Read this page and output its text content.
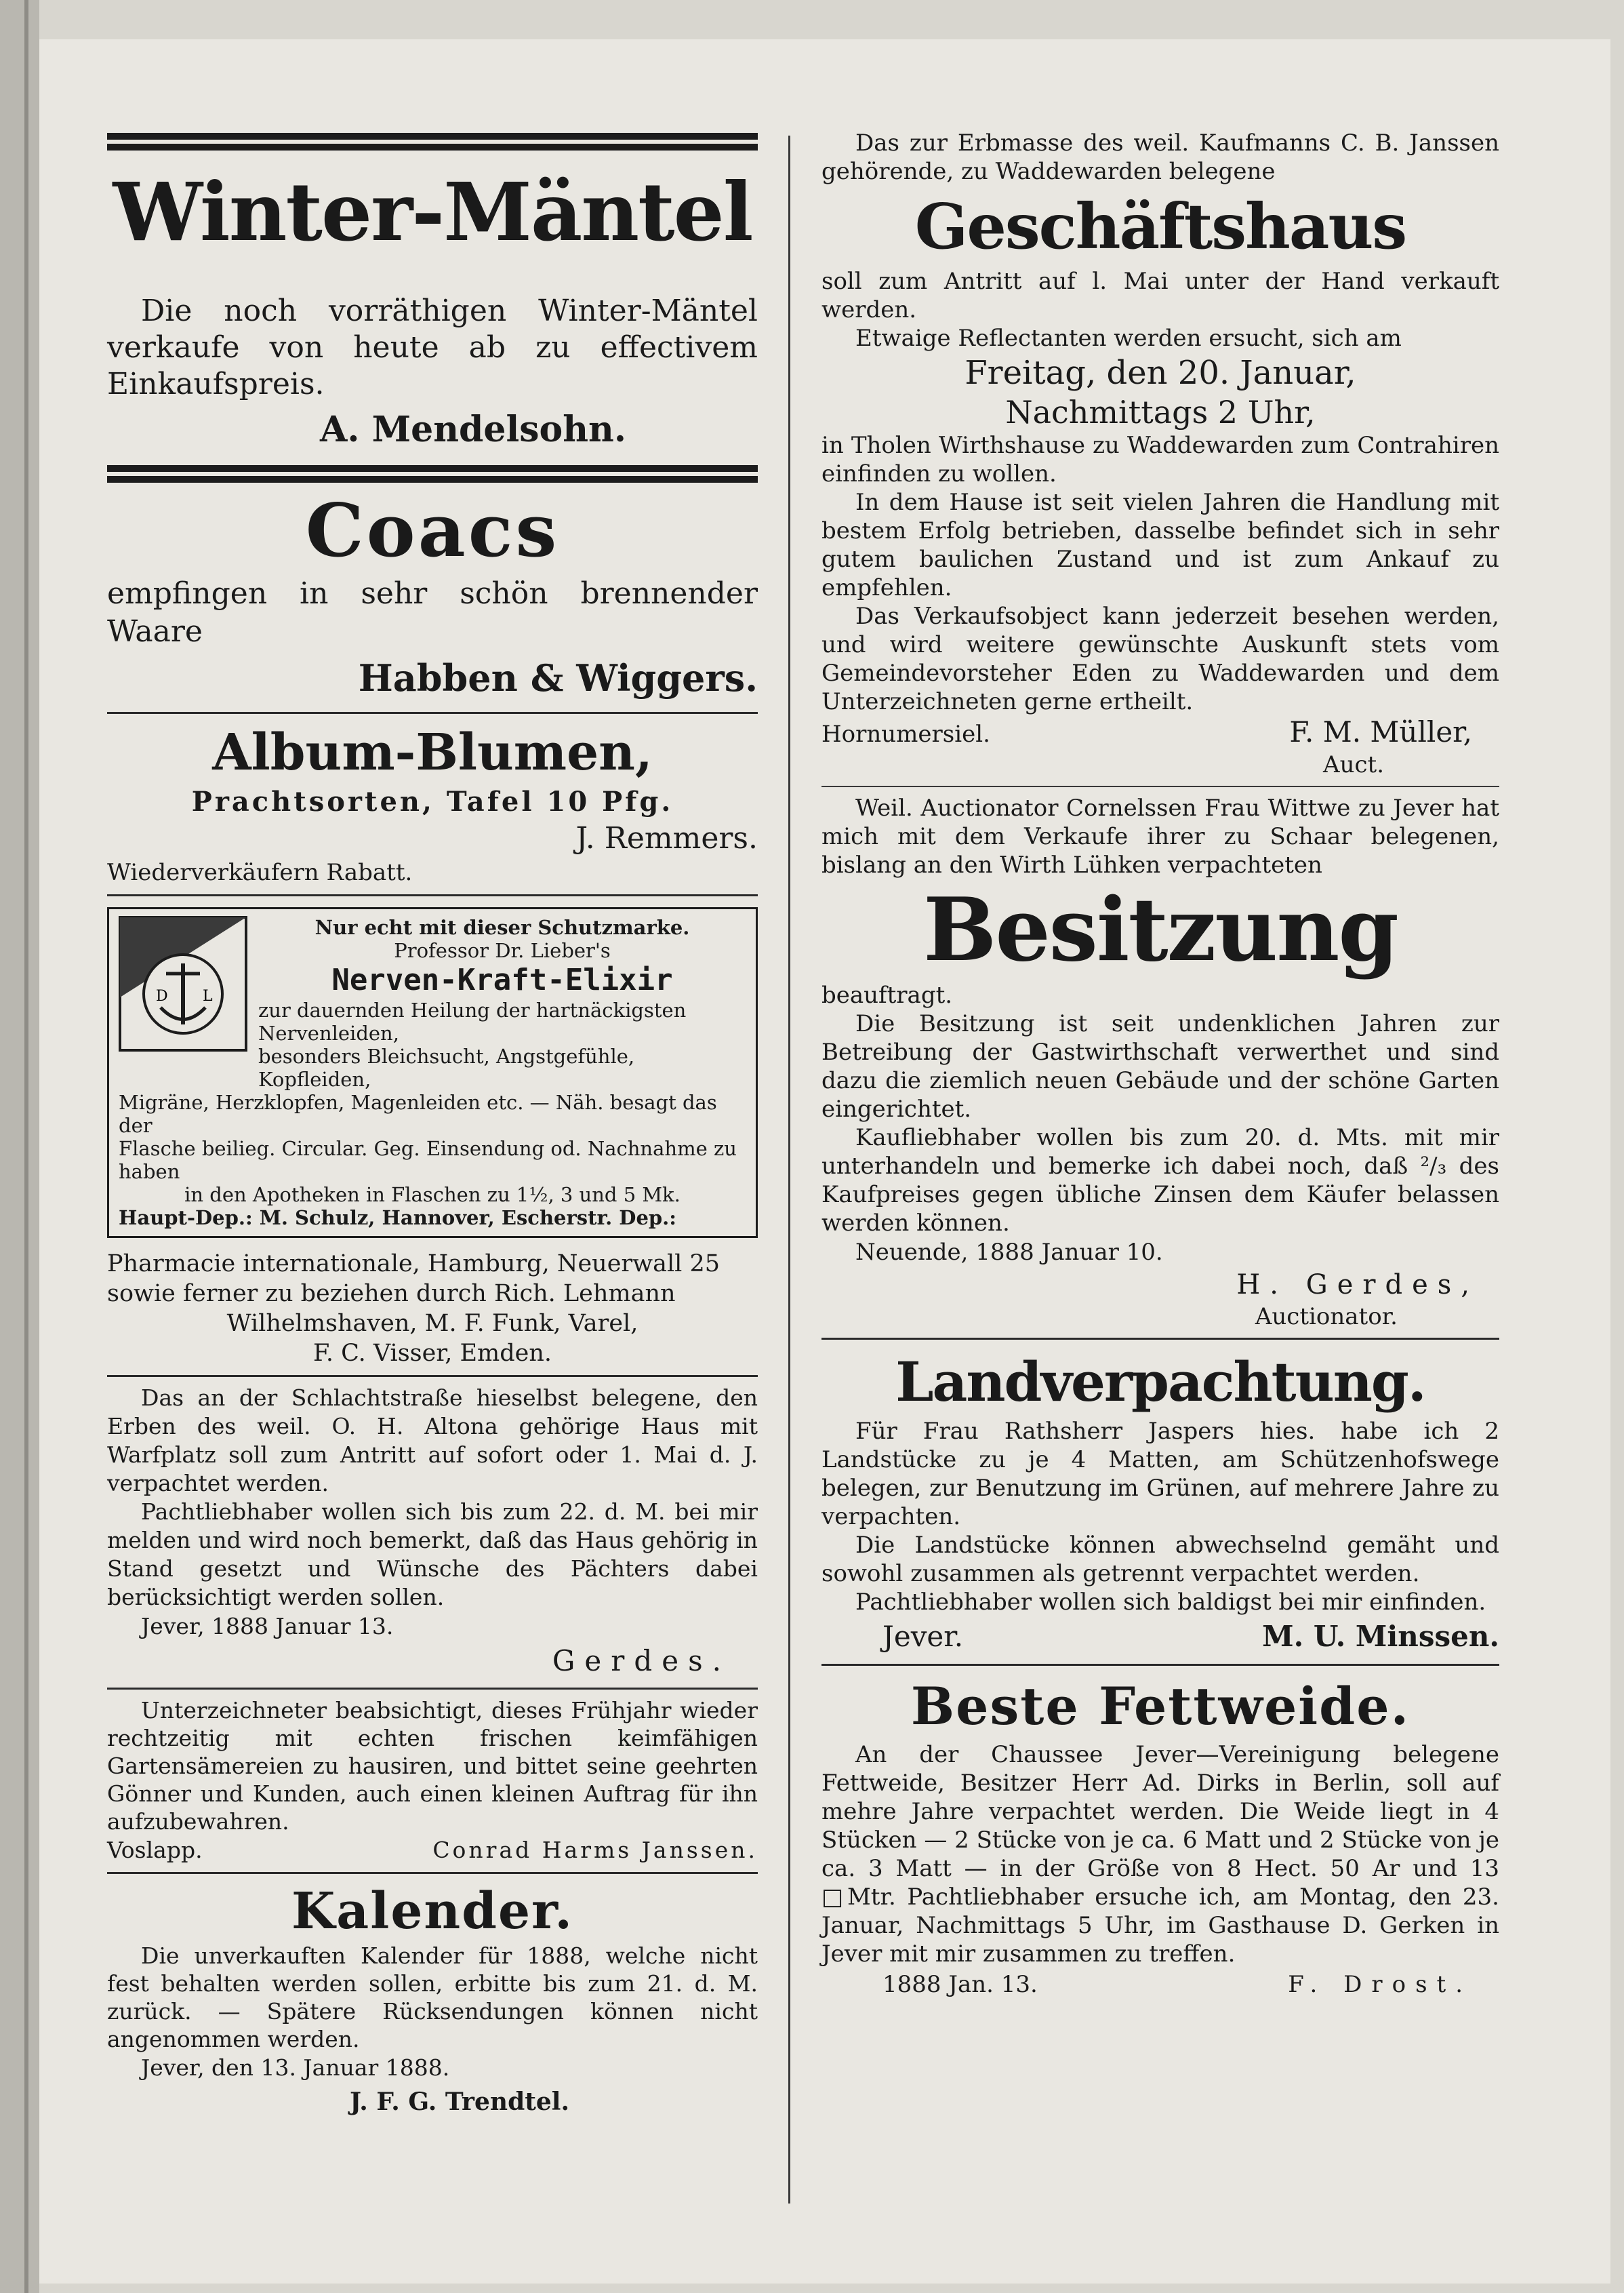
Winter-Mäntel

Die noch vorräthigen Winter-Mäntel verkaufe von heute ab zu effectivem Einkaufspreis.

A. Mendelsohn.
Coacs

empfingen in sehr schön brennender Waare

Habben & Wiggers.
Album-Blumen,
Prachtsorten, Tafel 10 Pfg.
J. Remmers.
Wiederverkäufern Rabatt.
D L
Nur echt mit dieser Schutzmarke.
Professor Dr. Lieber's
Nerven-Kraft-Elixir
zur dauernden Heilung der hartnäckigsten Nervenleiden,
besonders Bleichsucht, Angstgefühle, Kopfleiden,
Migräne, Herzklopfen, Magenleiden etc. — Näh. besagt das der
Flasche beilieg. Circular. Geg. Einsendung od. Nachnahme zu haben
in den Apotheken in Flaschen zu 1½, 3 und 5 Mk.
Haupt-Dep.: M. Schulz, Hannover, Escherstr. Dep.:
Pharmacie internationale, Hamburg, Neuerwall 25
sowie ferner zu beziehen durch Rich. Lehmann
Wilhelmshaven, M. F. Funk, Varel,
F. C. Visser, Emden.

Das an der Schlachtstraße hieselbst belegene, den Erben des weil. O. H. Altona gehörige Haus mit Warfplatz soll zum Antritt auf sofort oder 1. Mai d. J. verpachtet werden.

Pachtliebhaber wollen sich bis zum 22. d. M. bei mir melden und wird noch bemerkt, daß das Haus gehörig in Stand gesetzt und Wünsche des Pächters dabei berücksichtigt werden sollen.

Jever, 1888 Januar 13.
Gerdes.

Unterzeichneter beabsichtigt, dieses Frühjahr wieder rechtzeitig mit echten frischen keimfähigen Gartensämereien zu hausiren, und bittet seine geehrten Gönner und Kunden, auch einen kleinen Auftrag für ihn aufzubewahren.

Voslapp.	Conrad Harms Janssen.
Kalender.

Die unverkauften Kalender für 1888, welche nicht fest behalten werden sollen, erbitte bis zum 21. d. M. zurück. — Spätere Rücksendungen können nicht angenommen werden.

Jever, den 13. Januar 1888.
J. F. G. Trendtel.

Das zur Erbmasse des weil. Kaufmanns C. B. Janssen gehörende, zu Waddewarden belegene

Geschäftshaus

soll zum Antritt auf l. Mai unter der Hand verkauft werden.

Etwaige Reflectanten werden ersucht, sich am

Freitag, den 20. Januar,
Nachmittags 2 Uhr,

in Tholen Wirthshause zu Waddewarden zum Contrahiren einfinden zu wollen.

In dem Hause ist seit vielen Jahren die Handlung mit bestem Erfolg betrieben, dasselbe befindet sich in sehr gutem baulichen Zustand und ist zum Ankauf zu empfehlen.

Das Verkaufsobject kann jederzeit besehen werden, und wird weitere gewünschte Auskunft stets vom Gemeindevorsteher Eden zu Waddewarden und dem Unterzeichneten gerne ertheilt.

Hornumersiel.	F. M. Müller,
Auct.

Weil. Auctionator Cornelssen Frau Wittwe zu Jever hat mich mit dem Verkaufe ihrer zu Schaar belegenen, bislang an den Wirth Lühken verpachteten

Besitzung

beauftragt.

Die Besitzung ist seit undenklichen Jahren zur Betreibung der Gastwirthschaft verwerthet und sind dazu die ziemlich neuen Gebäude und der schöne Garten eingerichtet.

Kaufliebhaber wollen bis zum 20. d. Mts. mit mir unterhandeln und bemerke ich dabei noch, daß ²/₃ des Kaufpreises gegen übliche Zinsen dem Käufer belassen werden können.

Neuende, 1888 Januar 10.
H. Gerdes,
Auctionator.
Landverpachtung.

Für Frau Rathsherr Jaspers hies. habe ich 2 Landstücke zu je 4 Matten, am Schützenhofswege belegen, zur Benutzung im Grünen, auf mehrere Jahre zu verpachten.

Die Landstücke können abwechselnd gemäht und sowohl zusammen als getrennt verpachtet werden.

Pachtliebhaber wollen sich baldigst bei mir einfinden.

Jever.	M. U. Minssen.
Beste Fettweide.

An der Chaussee Jever—Vereinigung belegene Fettweide, Besitzer Herr Ad. Dirks in Berlin, soll auf mehre Jahre verpachtet werden. Die Weide liegt in 4 Stücken — 2 Stücke von je ca. 6 Matt und 2 Stücke von je ca. 3 Matt — in der Größe von 8 Hect. 50 Ar und 13 □Mtr. Pachtliebhaber ersuche ich, am Montag, den 23. Januar, Nachmittags 5 Uhr, im Gasthause D. Gerken in Jever mit mir zusammen zu treffen.

1888 Jan. 13.	F. Drost.
